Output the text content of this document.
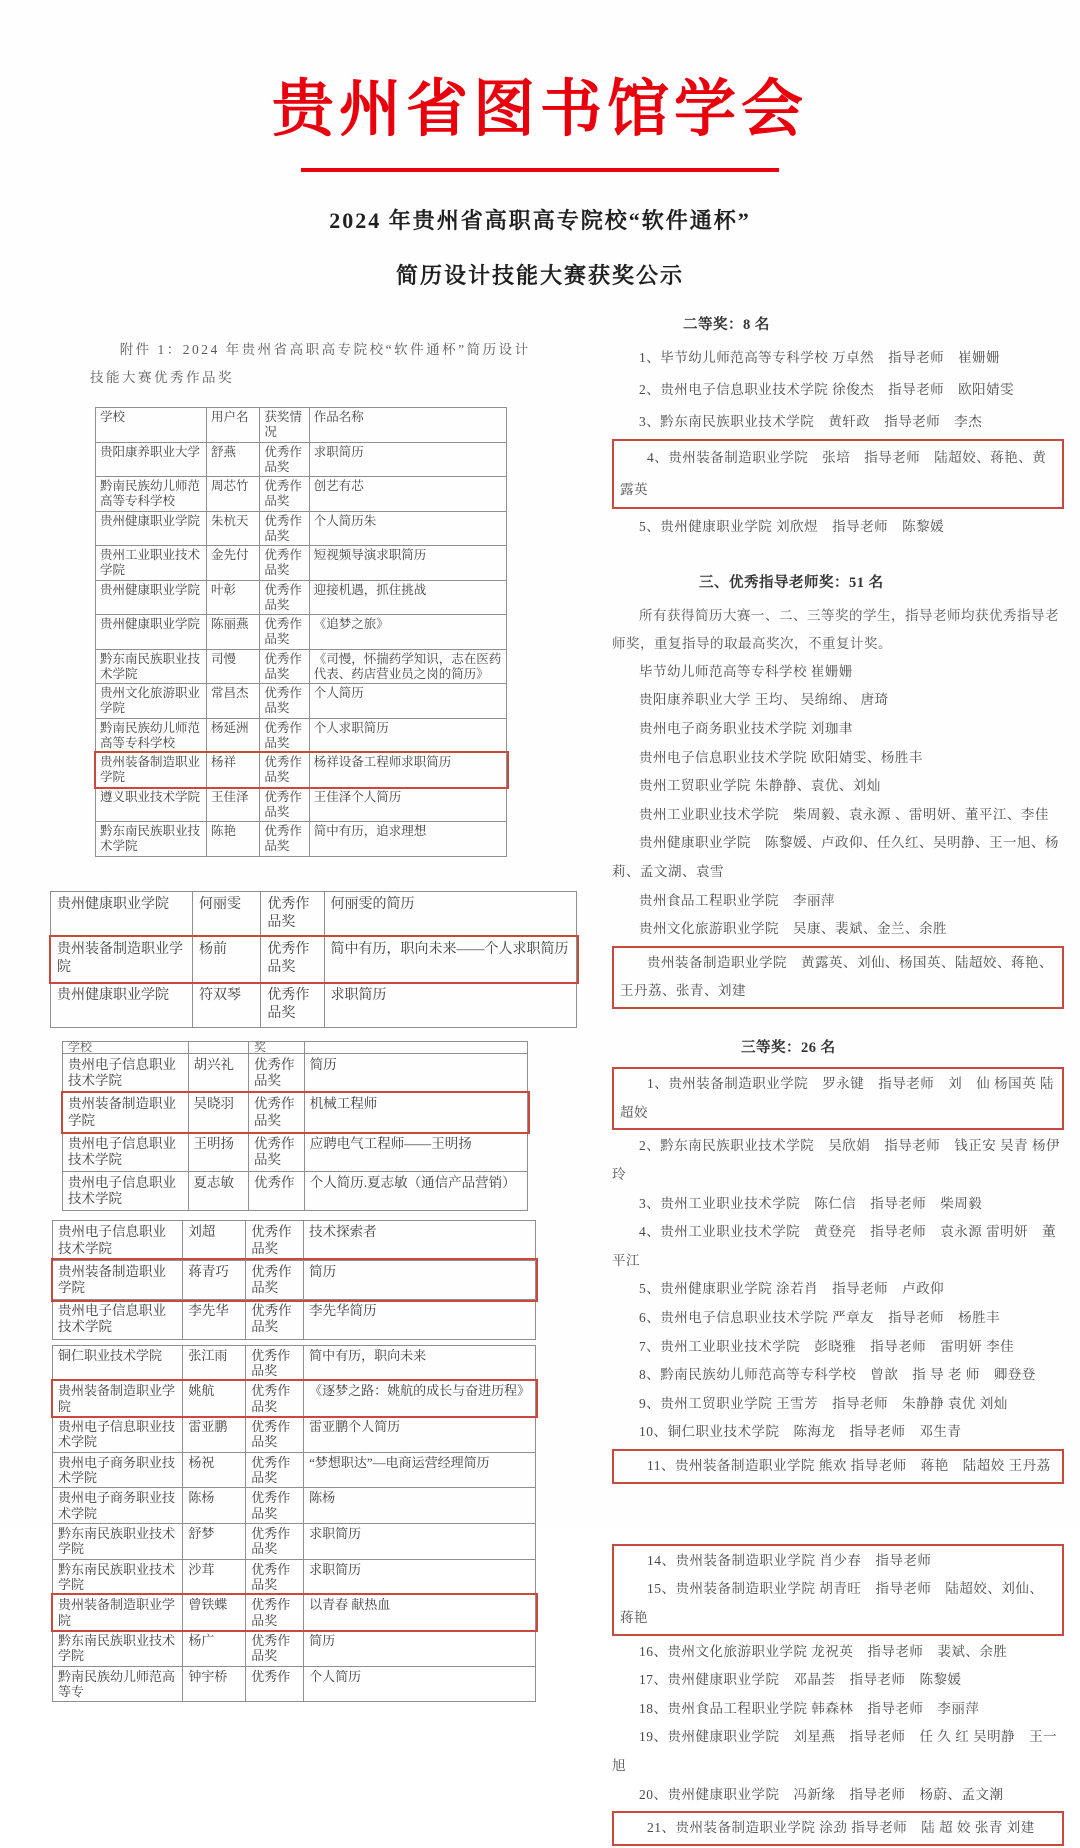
贵州省图书馆学会

2024 年贵州省高职高专院校“软件通杯”

简历设计技能大赛获奖公示

附件 1：2024 年贵州省高职高专院校“软件通杯”简历设计技能大赛优秀作品奖

学校	用户名	获奖情况	作品名称
贵阳康养职业大学	舒燕	优秀作品奖	求职简历
黔南民族幼儿师范高等专科学校	周芯竹	优秀作品奖	创艺有芯
贵州健康职业学院	朱杭天	优秀作品奖	个人简历朱
贵州工业职业技术学院	金先付	优秀作品奖	短视频导演求职简历
贵州健康职业学院	叶彰	优秀作品奖	迎接机遇，抓住挑战
贵州健康职业学院	陈丽燕	优秀作品奖	《追梦之旅》
黔东南民族职业技术学院	司慢	优秀作品奖	《司慢，怀揣药学知识，志在医药代表、药店营业员之岗的简历》
贵州文化旅游职业学院	常昌杰	优秀作品奖	个人简历
黔南民族幼儿师范高等专科学校	杨延洲	优秀作品奖	个人求职简历
贵州装备制造职业学院	杨祥	优秀作品奖	杨祥设备工程师求职简历
遵义职业技术学院	王佳泽	优秀作品奖	王佳泽个人简历
黔东南民族职业技术学院	陈艳	优秀作品奖	简中有历，追求理想
贵州健康职业学院	何丽雯	优秀作品奖	何丽雯的简历
贵州装备制造职业学院	杨前	优秀作品奖	简中有历，职向未来——个人求职简历
贵州健康职业学院	符双琴	优秀作品奖	求职简历
学校		奖	
贵州电子信息职业技术学院	胡兴礼	优秀作品奖	简历
贵州装备制造职业学院	吴晓羽	优秀作品奖	机械工程师
贵州电子信息职业技术学院	王明扬	优秀作品奖	应聘电气工程师——王明扬
贵州电子信息职业技术学院	夏志敏	优秀作	个人简历.夏志敏（通信产品营销）
贵州电子信息职业技术学院	刘超	优秀作品奖	技术探索者
贵州装备制造职业学院	蒋青巧	优秀作品奖	简历
贵州电子信息职业技术学院	李先华	优秀作品奖	李先华简历
铜仁职业技术学院	张江雨	优秀作品奖	简中有历，职向未来
贵州装备制造职业学院	姚航	优秀作品奖	《逐梦之路：姚航的成长与奋进历程》
贵州电子信息职业技术学院	雷亚鹏	优秀作品奖	雷亚鹏个人简历
贵州电子商务职业技术学院	杨祝	优秀作品奖	“梦想职达”—电商运营经理简历
贵州电子商务职业技术学院	陈杨	优秀作品奖	陈杨
黔东南民族职业技术学院	舒梦	优秀作品奖	求职简历
黔东南民族职业技术学院	沙茸	优秀作品奖	求职简历
贵州装备制造职业学院	曾铁蝶	优秀作品奖	以青春 献热血
黔东南民族职业技术学院	杨广	优秀作品奖	简历
黔南民族幼儿师范高等专	钟宇桥	优秀作	个人简历

二等奖：8 名

1、毕节幼儿师范高等专科学校 万卓然　指导老师　崔姗姗

2、贵州电子信息职业技术学院 徐俊杰　指导老师　欧阳婧雯

3、黔东南民族职业技术学院　黄轩政　指导老师　李杰

4、贵州装备制造职业学院　张培　指导老师　陆超姣、蒋艳、黄露英

5、贵州健康职业学院 刘欣煜　指导老师　陈黎媛

三、优秀指导老师奖：51 名

所有获得简历大赛一、二、三等奖的学生，指导老师均获优秀指导老师奖，重复指导的取最高奖次，不重复计奖。

毕节幼儿师范高等专科学校 崔姗姗

贵阳康养职业大学 王均、 吴绵绵、 唐琦

贵州电子商务职业技术学院 刘珈聿

贵州电子信息职业技术学院 欧阳婧雯、杨胜丰

贵州工贸职业学院 朱静静、袁优、刘灿

贵州工业职业技术学院　柴周毅、袁永源 、雷明妍、董平江、李佳

贵州健康职业学院　陈黎媛、卢政仰、任久红、吴明静、王一旭、杨莉、孟文湖、袁雪

贵州食品工程职业学院　李丽萍

贵州文化旅游职业学院　吴康、裴斌、金兰、余胜

贵州装备制造职业学院　黄露英、刘仙、杨国英、陆超姣、蒋艳、王丹荔、张青、刘建

三等奖：26 名

1、贵州装备制造职业学院　罗永键　指导老师　刘　仙 杨国英 陆超姣

2、黔东南民族职业技术学院　吴欣娟　指导老师　钱正安 吴青 杨伊玲

3、贵州工业职业技术学院　陈仁信　指导老师　柴周毅

4、贵州工业职业技术学院　黄登亮　指导老师　袁永源 雷明妍　董平江

5、贵州健康职业学院 涂若肖　指导老师　卢政仰

6、贵州电子信息职业技术学院 严章友　指导老师　杨胜丰

7、贵州工业职业技术学院　彭晓雅　指导老师　雷明妍 李佳

8、黔南民族幼儿师范高等专科学校　曾歆　指 导 老 师　卿登登

9、贵州工贸职业学院 王雪芳　指导老师　朱静静 袁优 刘灿

10、铜仁职业技术学院　陈海龙　指导老师　邓生青

11、贵州装备制造职业学院 熊欢 指导老师　蒋艳　陆超姣 王丹荔

14、贵州装备制造职业学院 肖少春　指导老师

15、贵州装备制造职业学院 胡青旺　指导老师　陆超姣、刘仙、蒋艳

16、贵州文化旅游职业学院 龙祝英　指导老师　裴斌、余胜

17、贵州健康职业学院　邓晶荟　指导老师　陈黎媛

18、贵州食品工程职业学院 韩森林　指导老师　李丽萍

19、贵州健康职业学院　刘星燕　指导老师　任 久 红 吴明静　王一旭

20、贵州健康职业学院　冯新缘　指导老师　杨蔚、孟文潮

21、贵州装备制造职业学院 涂劲 指导老师　陆 超 姣 张青 刘建
